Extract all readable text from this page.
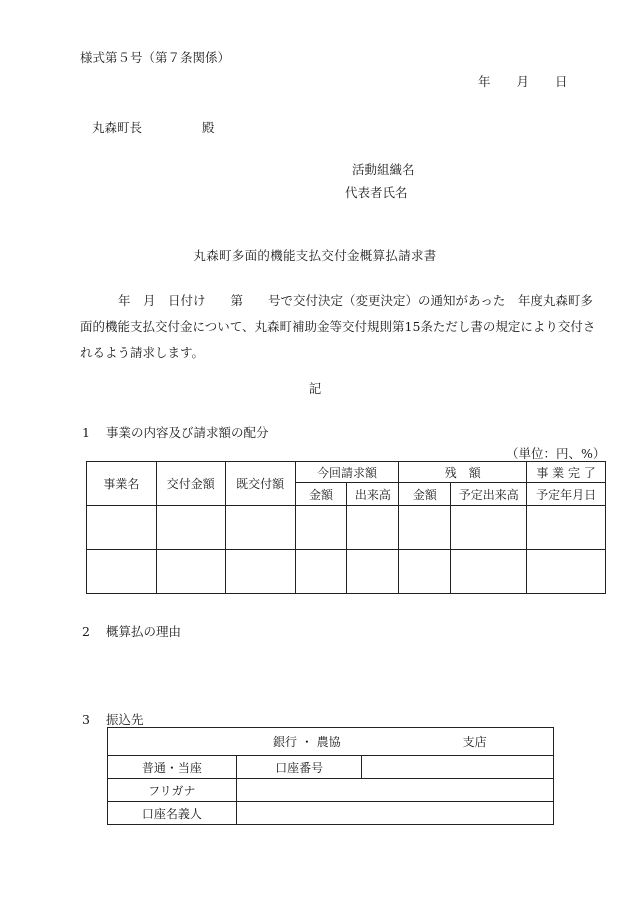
様式第５号（第７条関係）
年 月 日
丸森町長	殿
活動組織名
代表者氏名
丸森町多面的機能支払交付金概算払請求書
年　月　日付け　　第　　号で交付決定（変更決定）の通知があった　年度丸森町多面的機能支払交付金について、丸森町補助金等交付規則第15条ただし書の規定により交付されるよう請求します。
記
1 事業の内容及び請求額の配分
（単位：円、%）
事業名	交付金額	既交付額	今回請求額		残　額		事 業 完 了
			金額	出来高	金額	予定出来高	予定年月日

2 概算払の理由
3 振込先
銀行 ・ 農協 支店		
普通・当座	口座番号	
フリガナ		
口座名義人		
